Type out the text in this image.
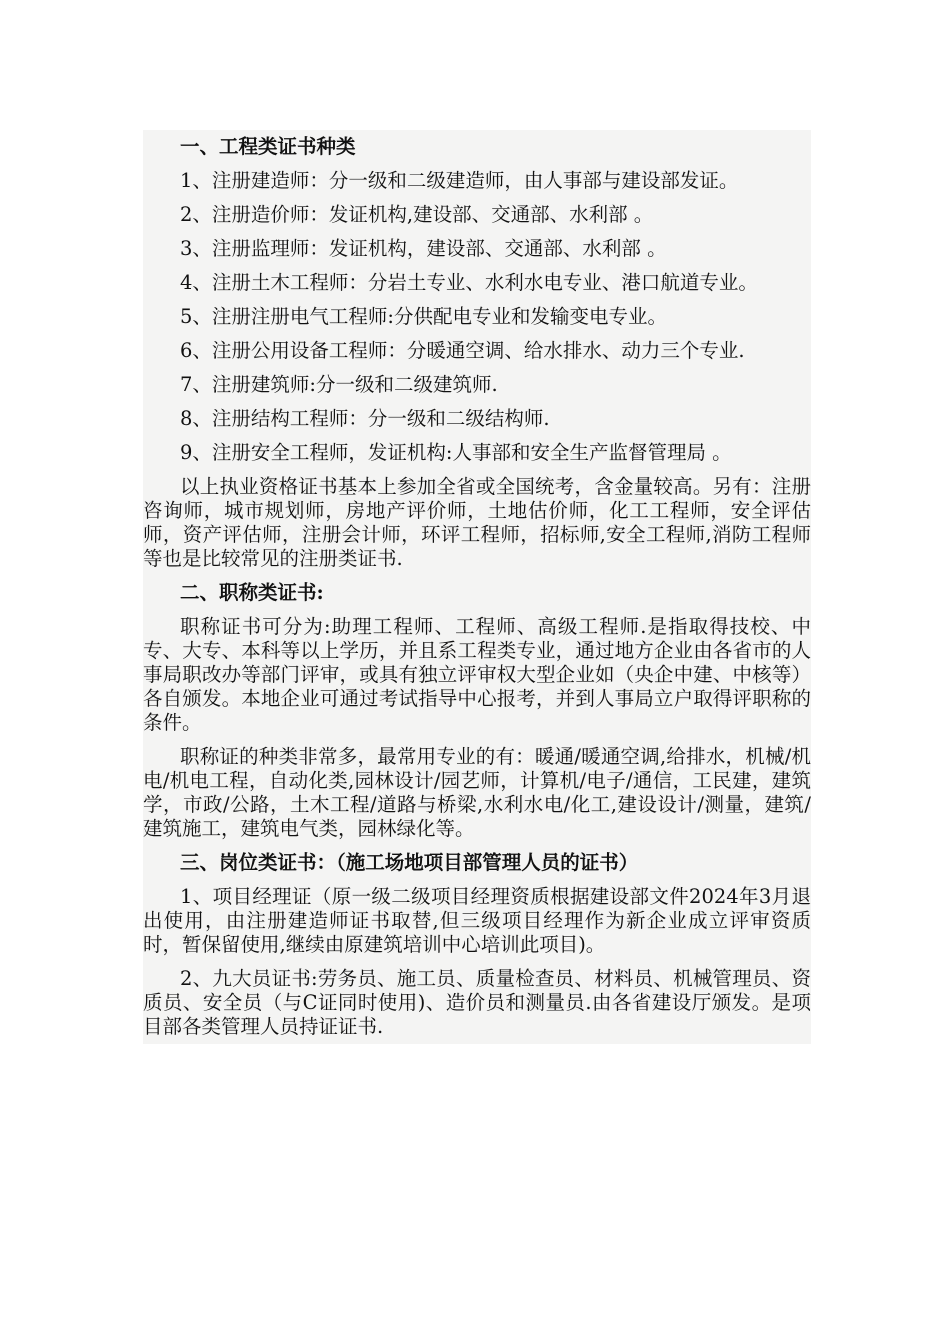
一、工程类证书种类

1、注册建造师：分一级和二级建造师，由人事部与建设部发证。

2、注册造价师：发证机构,建设部、交通部、水利部 。

3、注册监理师：发证机构，建设部、交通部、水利部 。

4、注册土木工程师：分岩土专业、水利水电专业、港口航道专业。

5、注册注册电气工程师:分供配电专业和发输变电专业。

6、注册公用设备工程师：分暖通空调、给水排水、动力三个专业.

7、注册建筑师:分一级和二级建筑师.

8、注册结构工程师：分一级和二级结构师.

9、注册安全工程师，发证机构:人事部和安全生产监督管理局 。

以上执业资格证书基本上参加全省或全国统考，含金量较高。另有：注册咨询师，城市规划师，房地产评价师，土地估价师，化工工程师，安全评估师，资产评估师，注册会计师，环评工程师，招标师,安全工程师,消防工程师等也是比较常见的注册类证书.

二、职称类证书:

职称证书可分为:助理工程师、工程师、高级工程师.是指取得技校、中专、大专、本科等以上学历，并且系工程类专业，通过地方企业由各省市的人事局职改办等部门评审，或具有独立评审权大型企业如（央企中建、中核等）各自颁发。本地企业可通过考试指导中心报考，并到人事局立户取得评职称的条件。

职称证的种类非常多，最常用专业的有：暖通/暖通空调,给排水，机械/机电/机电工程，自动化类,园林设计/园艺师，计算机/电子/通信，工民建，建筑学，市政/公路，土木工程/道路与桥梁,水利水电/化工,建设设计/测量，建筑/建筑施工，建筑电气类，园林绿化等。

三、岗位类证书：（施工场地项目部管理人员的证书）

1、项目经理证（原一级二级项目经理资质根据建设部文件2024年3月退出使用，由注册建造师证书取替,但三级项目经理作为新企业成立评审资质时，暂保留使用,继续由原建筑培训中心培训此项目)。

2、九大员证书:劳务员、施工员、质量检查员、材料员、机械管理员、资质员、安全员（与C证同时使用)、造价员和测量员.由各省建设厅颁发。是项目部各类管理人员持证证书.
